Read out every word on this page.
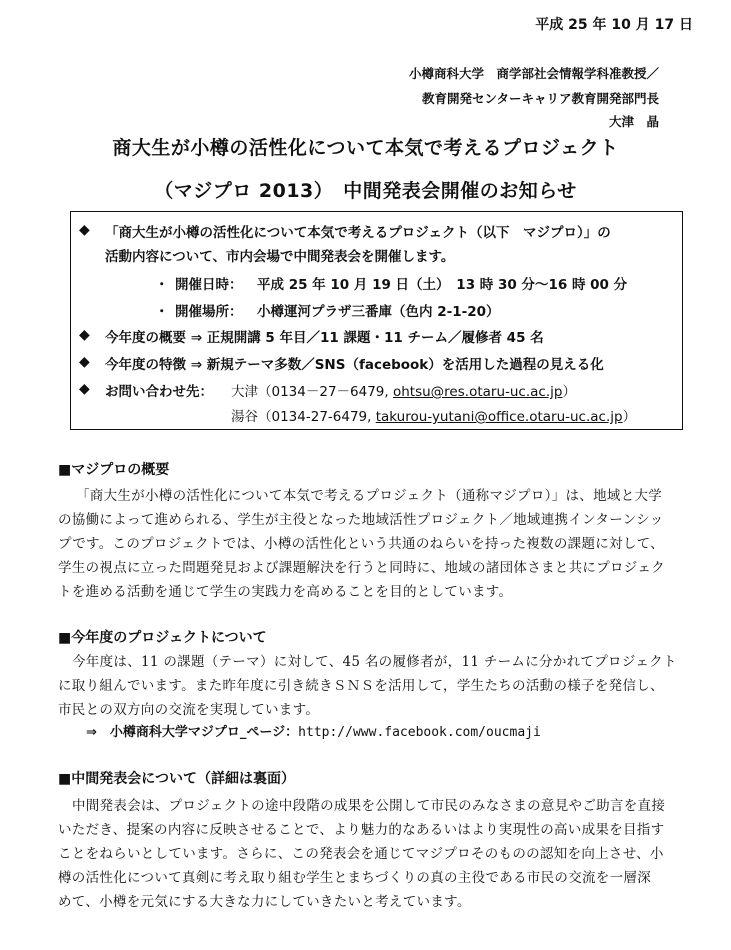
平成 25 年 10 月 17 日
小樽商科大学　商学部社会情報学科准教授／
教育開発センターキャリア教育開発部門長
大津　晶
商大生が小樽の活性化について本気で考えるプロジェクト
（マジプロ 2013）　中間発表会開催のお知らせ
◆ 「商大生が小樽の活性化について本気で考えるプロジェクト（以下　マジプロ）」の
活動内容について、市内会場で中間発表会を開催します。
・ 開催日時： 平成 25 年 10 月 19 日（土）　13 時 30 分～16 時 00 分
・ 開催場所： 小樽運河プラザ三番庫（色内 2-1-20）
◆ 今年度の概要 ⇒ 正規開講 5 年目／11 課題・11 チーム／履修者 45 名
◆ 今年度の特徴 ⇒ 新規テーマ多数／SNS（facebook）を活用した過程の見える化
◆ お問い合わせ先： 大津（0134－27－6479, ohtsu@res.otaru-uc.ac.jp）
湯谷（0134-27-6479, takurou-yutani@office.otaru-uc.ac.jp）
■マジプロの概要
「商大生が小樽の活性化について本気で考えるプロジェクト（通称マジプロ）」は、地域と大学
の協働によって進められる、学生が主役となった地域活性プロジェクト／地域連携インターンシッ
プです。このプロジェクトでは、小樽の活性化という共通のねらいを持った複数の課題に対して、
学生の視点に立った問題発見および課題解決を行うと同時に、地域の諸団体さまと共にプロジェク
トを進める活動を通じて学生の実践力を高めることを目的としています。
■今年度のプロジェクトについて
今年度は、11 の課題（テーマ）に対して、45 名の履修者が，11 チームに分かれてプロジェクト
に取り組んでいます。また昨年度に引き続きＳＮＳを活用して，学生たちの活動の様子を発信し、
市民との双方向の交流を実現しています。
⇒　 小樽商科大学マジプロ_ページ：http://www.facebook.com/oucmaji
■中間発表会について（詳細は裏面）
中間発表会は、プロジェクトの途中段階の成果を公開して市民のみなさまの意見やご助言を直接
いただき、提案の内容に反映させることで、より魅力的なあるいはより実現性の高い成果を目指す
ことをねらいとしています。さらに、この発表会を通じてマジプロそのものの認知を向上させ、小
樽の活性化について真剣に考え取り組む学生とまちづくりの真の主役である市民の交流を一層深
めて、小樽を元気にする大きな力にしていきたいと考えています。
